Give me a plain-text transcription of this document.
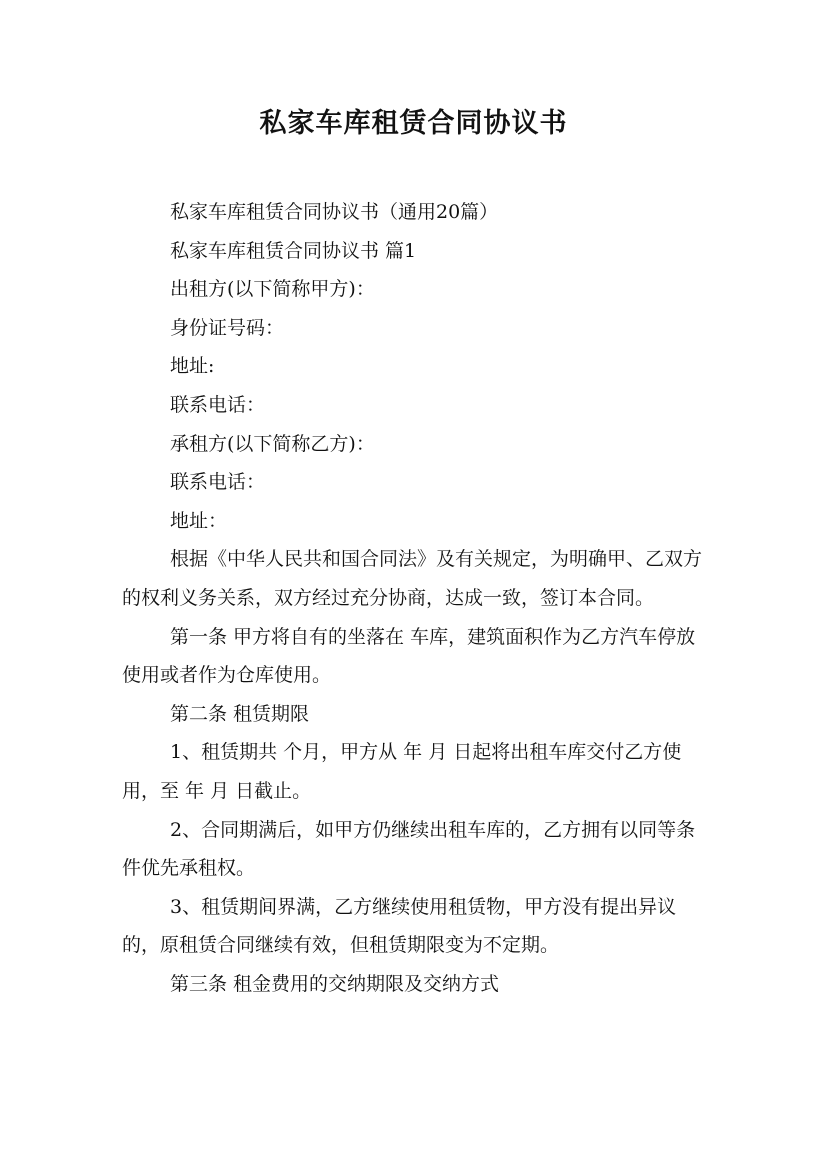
私家车库租赁合同协议书

私家车库租赁合同协议书（通用20篇）

私家车库租赁合同协议书 篇1

出租方(以下简称甲方)：

身份证号码：

地址:

联系电话：

承租方(以下简称乙方)：

联系电话：

地址：

根据《中华人民共和国合同法》及有关规定，为明确甲、乙双方的权利义务关系，双方经过充分协商，达成一致，签订本合同。

第一条 甲方将自有的坐落在 车库，建筑面积作为乙方汽车停放使用或者作为仓库使用。

第二条 租赁期限

1、租赁期共 个月，甲方从 年 月 日起将出租车库交付乙方使用，至 年 月 日截止。

2、合同期满后，如甲方仍继续出租车库的，乙方拥有以同等条件优先承租权。

3、租赁期间界满，乙方继续使用租赁物，甲方没有提出异议的，原租赁合同继续有效，但租赁期限变为不定期。

第三条 租金费用的交纳期限及交纳方式
